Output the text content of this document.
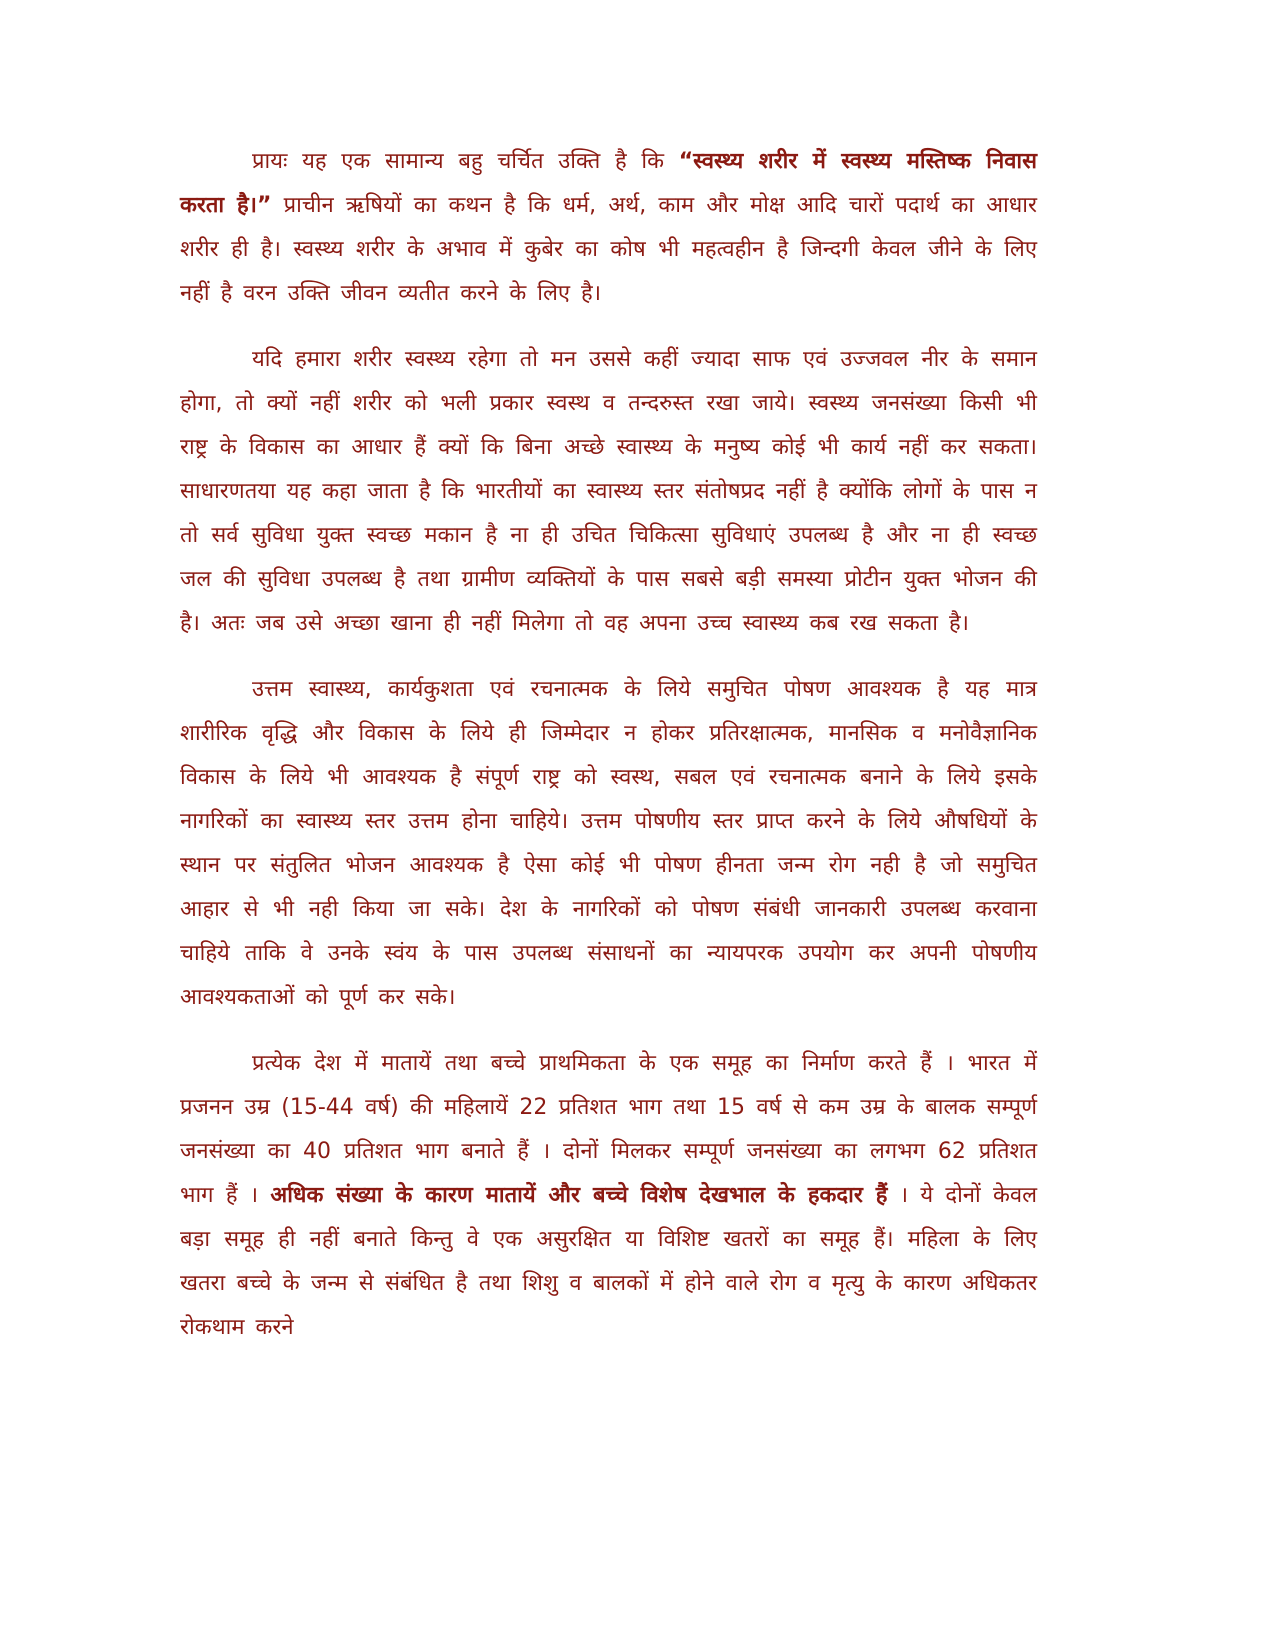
प्रायः यह एक सामान्य बहु चर्चित उक्ति है कि “स्वस्थ्य शरीर में स्वस्थ्य मस्तिष्क निवास करता है।” प्राचीन ऋषियों का कथन है कि धर्म, अर्थ, काम और मोक्ष आदि चारों पदार्थ का आधार शरीर ही है। स्वस्थ्य शरीर के अभाव में कुबेर का कोष भी महत्वहीन है जिन्दगी केवल जीने के लिए नहीं है वरन उक्ति जीवन व्यतीत करने के लिए है।

यदि हमारा शरीर स्वस्थ्य रहेगा तो मन उससे कहीं ज्यादा साफ एवं उज्जवल नीर के समान होगा, तो क्यों नहीं शरीर को भली प्रकार स्वस्थ व तन्दरुस्त रखा जाये। स्वस्थ्य जनसंख्या किसी भी राष्ट्र के विकास का आधार हैं क्यों कि बिना अच्छे स्वास्थ्य के मनुष्य कोई भी कार्य नहीं कर सकता। साधारणतया यह कहा जाता है कि भारतीयों का स्वास्थ्य स्तर संतोषप्रद नहीं है क्योंकि लोगों के पास न तो सर्व सुविधा युक्त स्वच्छ मकान है ना ही उचित चिकित्सा सुविधाएं उपलब्ध है और ना ही स्वच्छ जल की सुविधा उपलब्ध है तथा ग्रामीण व्यक्तियों के पास सबसे बड़ी समस्या प्रोटीन युक्त भोजन की है। अतः जब उसे अच्छा खाना ही नहीं मिलेगा तो वह अपना उच्च स्वास्थ्य कब रख सकता है।

उत्तम स्वास्थ्य, कार्यकुशता एवं रचनात्मक के लिये समुचित पोषण आवश्यक है यह मात्र शारीरिक वृद्धि और विकास के लिये ही जिम्मेदार न होकर प्रतिरक्षात्मक, मानसिक व मनोवैज्ञानिक विकास के लिये भी आवश्यक है संपूर्ण राष्ट्र को स्वस्थ, सबल एवं रचनात्मक बनाने के लिये इसके नागरिकों का स्वास्थ्य स्तर उत्तम होना चाहिये। उत्तम पोषणीय स्तर प्राप्त करने के लिये औषधियों के स्थान पर संतुलित भोजन आवश्यक है ऐसा कोई भी पोषण हीनता जन्म रोग नही है जो समुचित आहार से भी नही किया जा सके। देश के नागरिकों को पोषण संबंधी जानकारी उपलब्ध करवाना चाहिये ताकि वे उनके स्वंय के पास उपलब्ध संसाधनों का न्यायपरक उपयोग कर अपनी पोषणीय आवश्यकताओं को पूर्ण कर सके।

प्रत्येक देश में मातायें तथा बच्चे प्राथमिकता के एक समूह का निर्माण करते हैं । भारत में प्रजनन उम्र (15-44 वर्ष) की महिलायें 22 प्रतिशत भाग तथा 15 वर्ष से कम उम्र के बालक सम्पूर्ण जनसंख्या का 40 प्रतिशत भाग बनाते हैं । दोनों मिलकर सम्पूर्ण जनसंख्या का लगभग 62 प्रतिशत भाग हैं । अधिक संख्या के कारण मातायें और बच्चे विशेष देखभाल के हकदार हैं । ये दोनों केवल बड़ा समूह ही नहीं बनाते किन्तु वे एक असुरक्षित या विशिष्ट खतरों का समूह हैं। महिला के लिए खतरा बच्चे के जन्म से संबंधित है तथा शिशु व बालकों में होने वाले रोग व मृत्यु के कारण अधिकतर रोकथाम करने
